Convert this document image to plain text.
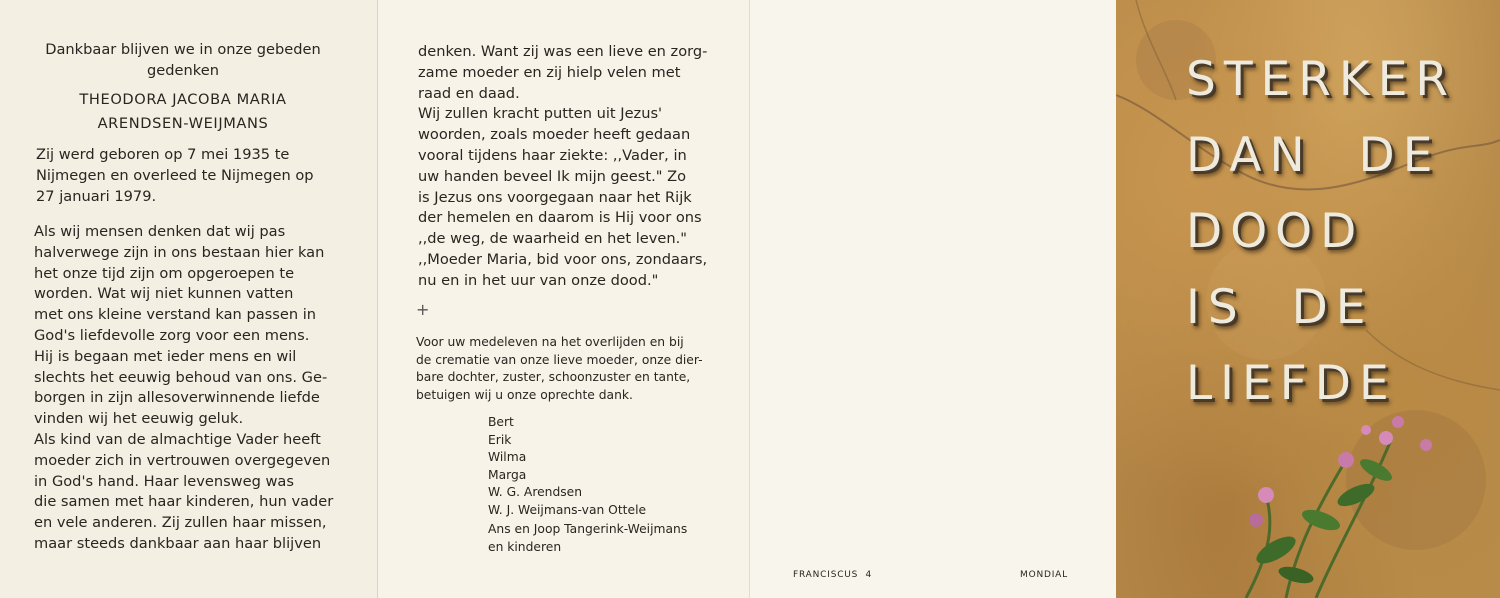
Dankbaar blijven we in onze gebeden
gedenken

THEODORA JACOBA MARIA

ARENDSEN-WEIJMANS

Zij werd geboren op 7 mei 1935 te
Nijmegen en overleed te Nijmegen op
27 januari 1979.

Als wij mensen denken dat wij pas
halverwege zijn in ons bestaan hier kan
het onze tijd zijn om opgeroepen te
worden. Wat wij niet kunnen vatten
met ons kleine verstand kan passen in
God's liefdevolle zorg voor een mens.
Hij is begaan met ieder mens en wil
slechts het eeuwig behoud van ons. Ge-
borgen in zijn allesoverwinnende liefde
vinden wij het eeuwig geluk.
Als kind van de almachtige Vader heeft
moeder zich in vertrouwen overgegeven
in God's hand. Haar levensweg was
die samen met haar kinderen, hun vader
en vele anderen. Zij zullen haar missen,
maar steeds dankbaar aan haar blijven

denken. Want zij was een lieve en zorg-
zame moeder en zij hielp velen met
raad en daad.
Wij zullen kracht putten uit Jezus'
woorden, zoals moeder heeft gedaan
vooral tijdens haar ziekte: ,,Vader, in
uw handen beveel Ik mijn geest." Zo
is Jezus ons voorgegaan naar het Rijk
der hemelen en daarom is Hij voor ons
,,de weg, de waarheid en het leven."
,,Moeder Maria, bid voor ons, zondaars,
nu en in het uur van onze dood."

+

Voor uw medeleven na het overlijden en bij
de crematie van onze lieve moeder, onze dier-
bare dochter, zuster, schoonzuster en tante,
betuigen wij u onze oprechte dank.

Bert

Erik

Wilma

Marga

W. G. Arendsen

W. J. Weijmans-van Ottele

Ans en Joop Tangerink-Weijmans
en kinderen

FRANCISCUS  4	MONDIAL

STERKER
DAN  DE
DOOD
IS  DE
LIEFDE
